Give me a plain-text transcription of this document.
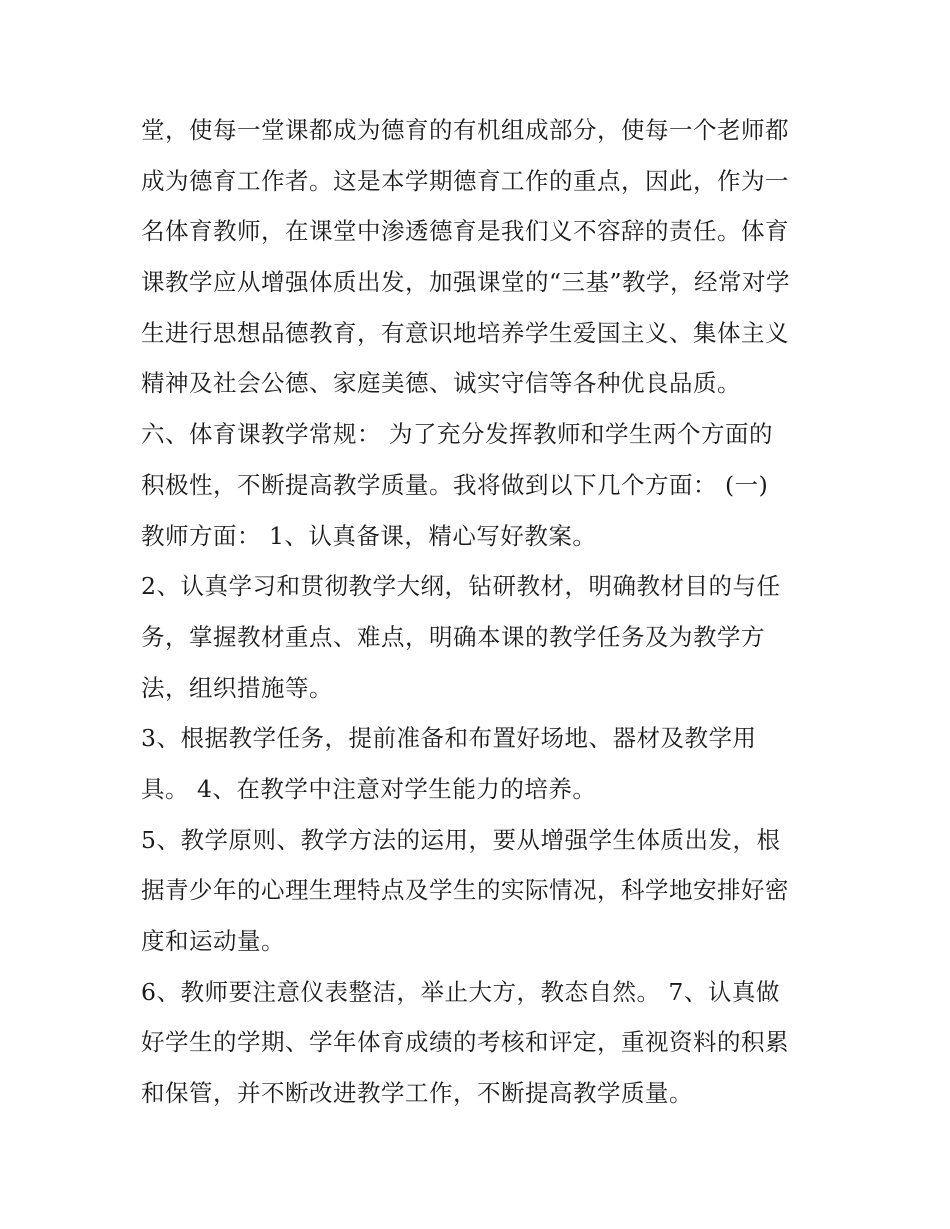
堂，使每一堂课都成为德育的有机组成部分，使每一个老师都
成为德育工作者。这是本学期德育工作的重点，因此，作为一
名体育教师，在课堂中渗透德育是我们义不容辞的责任。体育
课教学应从增强体质出发，加强课堂的“三基”教学，经常对学
生进行思想品德教育，有意识地培养学生爱国主义、集体主义
精神及社会公德、家庭美德、诚实守信等各种优良品质。
六、体育课教学常规： 为了充分发挥教师和学生两个方面的
积极性，不断提高教学质量。我将做到以下几个方面： (一)
教师方面： 1、认真备课，精心写好教案。
2、认真学习和贯彻教学大纲，钻研教材，明确教材目的与任
务，掌握教材重点、难点，明确本课的教学任务及为教学方
法，组织措施等。
3、根据教学任务，提前准备和布置好场地、器材及教学用
具。 4、在教学中注意对学生能力的培养。
5、教学原则、教学方法的运用，要从增强学生体质出发，根
据青少年的心理生理特点及学生的实际情况，科学地安排好密
度和运动量。
6、教师要注意仪表整洁，举止大方，教态自然。 7、认真做
好学生的学期、学年体育成绩的考核和评定，重视资料的积累
和保管，并不断改进教学工作，不断提高教学质量。
